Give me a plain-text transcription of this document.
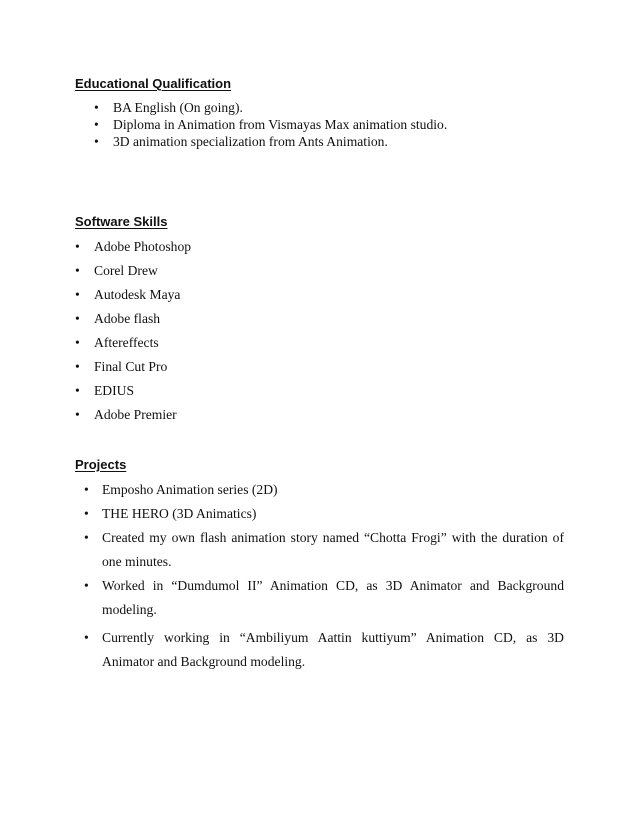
Educational Qualification
• BA English (On going).
• Diploma in Animation from Vismayas Max animation studio.
• 3D animation specialization from Ants Animation.
Software Skills
• Adobe Photoshop
• Corel Drew
• Autodesk Maya
• Adobe flash
• Aftereffects
• Final Cut Pro
• EDIUS
• Adobe Premier
Projects
• Emposho Animation series (2D)
• THE HERO (3D Animatics)
• Created my own flash animation story named “Chotta Frogi” with the duration of
one minutes.
• Worked in “Dumdumol II” Animation CD, as 3D Animator and Background
modeling.
• Currently working in “Ambiliyum Aattin kuttiyum” Animation CD, as 3D
Animator and Background modeling.
